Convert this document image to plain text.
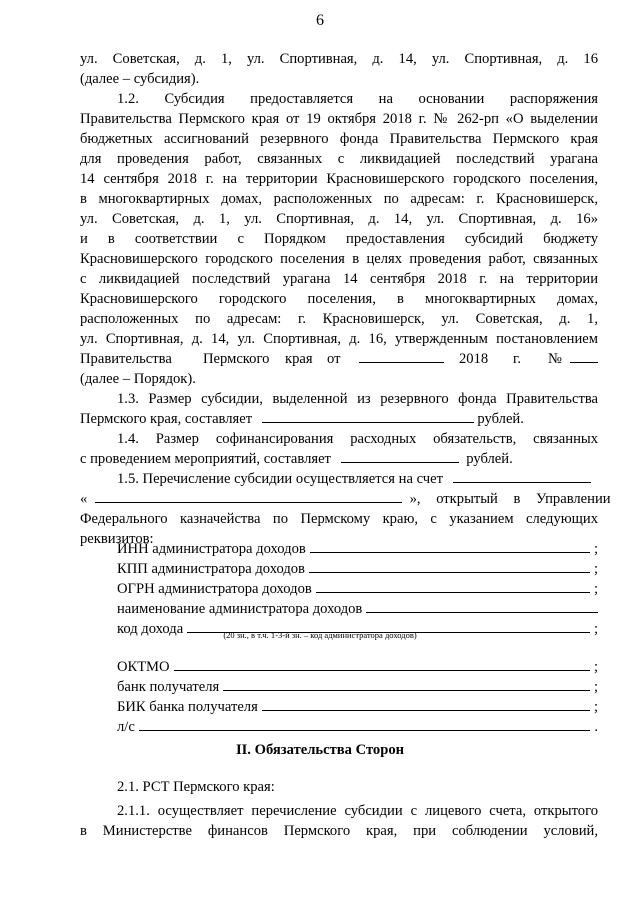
6
ул. Советская, д. 1, ул. Спортивная, д. 14, ул. Спортивная, д. 16
(далее – субсидия).
1.2. Субсидия предоставляется на основании распоряжения
Правительства Пермского края от 19 октября 2018 г. № 262-рп «О выделении
бюджетных ассигнований резервного фонда Правительства Пермского края
для проведения работ, связанных с ликвидацией последствий урагана
14 сентября 2018 г. на территории Красновишерского городского поселения,
в многоквартирных домах, расположенных по адресам: г. Красновишерск,
ул. Советская, д. 1, ул. Спортивная, д. 14, ул. Спортивная, д. 16»
и в соответствии с Порядком предоставления субсидий бюджету
Красновишерского городского поселения в целях проведения работ, связанных
с ликвидацией последствий урагана 14 сентября 2018 г. на территории
Красновишерского городского поселения, в многоквартирных домах,
расположенных по адресам: г. Красновишерск, ул. Советская, д. 1,
ул. Спортивная, д. 14, ул. Спортивная, д. 16, утвержденным постановлением
Правительства Пермского края от	2018 г. №
(далее – Порядок).
1.3. Размер субсидии, выделенной из резервного фонда Правительства
Пермского края, составляет	рублей.
1.4. Размер софинансирования расходных обязательств, связанных
с проведением мероприятий, составляет	рублей.
1.5. Перечисление субсидии осуществляется на счет
«	», открытый в Управлении
Федерального казначейства по Пермскому краю, с указанием следующих
реквизитов:
ИНН администратора доходов	;
КПП администратора доходов	;
ОГРН администратора доходов	;
наименование администратора доходов
код дохода	;
(20 зн., в т.ч. 1-3-й зн. – код администратора доходов)
ОКТМО	;
банк получателя	;
БИК банка получателя	;
л/с	.
II. Обязательства Сторон
2.1. РСТ Пермского края:
2.1.1. осуществляет перечисление субсидии с лицевого счета, открытого
в Министерстве финансов Пермского края, при соблюдении условий,
